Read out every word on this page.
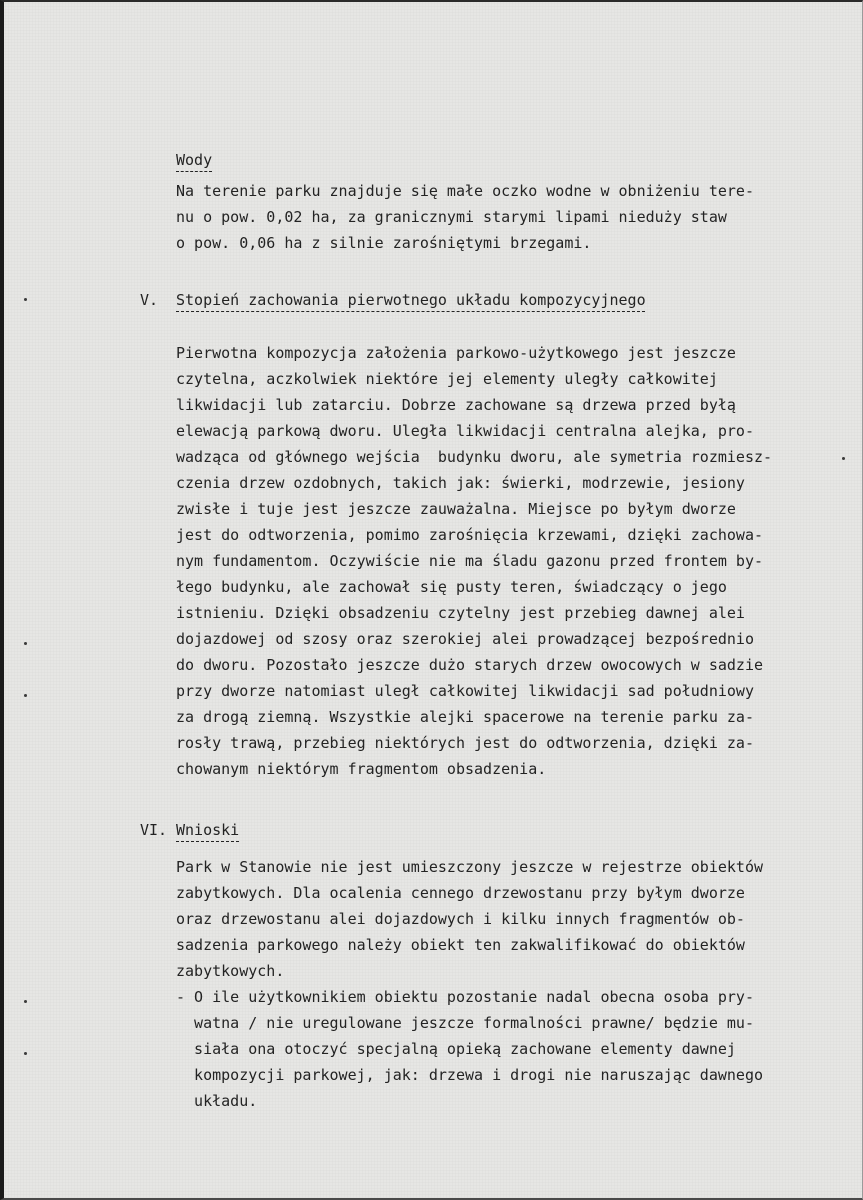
Wody
Na terenie parku znajduje się małe oczko wodne w obniżeniu tere-
nu o pow. 0,02 ha, za granicznymi starymi lipami nieduży staw
o pow. 0,06 ha z silnie zarośniętymi brzegami.
V. Stopień zachowania pierwotnego układu kompozycyjnego
Pierwotna kompozycja założenia parkowo-użytkowego jest jeszcze
czytelna, aczkolwiek niektóre jej elementy uległy całkowitej
likwidacji lub zatarciu. Dobrze zachowane są drzewa przed byłą
elewacją parkową dworu. Uległa likwidacji centralna alejka, pro-
wadząca od głównego wejścia  budynku dworu, ale symetria rozmiesz-
czenia drzew ozdobnych, takich jak: świerki, modrzewie, jesiony
zwisłe i tuje jest jeszcze zauważalna. Miejsce po byłym dworze
jest do odtworzenia, pomimo zarośnięcia krzewami, dzięki zachowa-
nym fundamentom. Oczywiście nie ma śladu gazonu przed frontem by-
łego budynku, ale zachował się pusty teren, świadczący o jego
istnieniu. Dzięki obsadzeniu czytelny jest przebieg dawnej alei
dojazdowej od szosy oraz szerokiej alei prowadzącej bezpośrednio
do dworu. Pozostało jeszcze dużo starych drzew owocowych w sadzie
przy dworze natomiast uległ całkowitej likwidacji sad południowy
za drogą ziemną. Wszystkie alejki spacerowe na terenie parku za-
rosły trawą, przebieg niektórych jest do odtworzenia, dzięki za-
chowanym niektórym fragmentom obsadzenia.
VI. Wnioski
Park w Stanowie nie jest umieszczony jeszcze w rejestrze obiektów
zabytkowych. Dla ocalenia cennego drzewostanu przy byłym dworze
oraz drzewostanu alei dojazdowych i kilku innych fragmentów ob-
sadzenia parkowego należy obiekt ten zakwalifikować do obiektów
zabytkowych.
- O ile użytkownikiem obiektu pozostanie nadal obecna osoba pry-
watna / nie uregulowane jeszcze formalności prawne/ będzie mu-
siała ona otoczyć specjalną opieką zachowane elementy dawnej
kompozycji parkowej, jak: drzewa i drogi nie naruszając dawnego
układu.
